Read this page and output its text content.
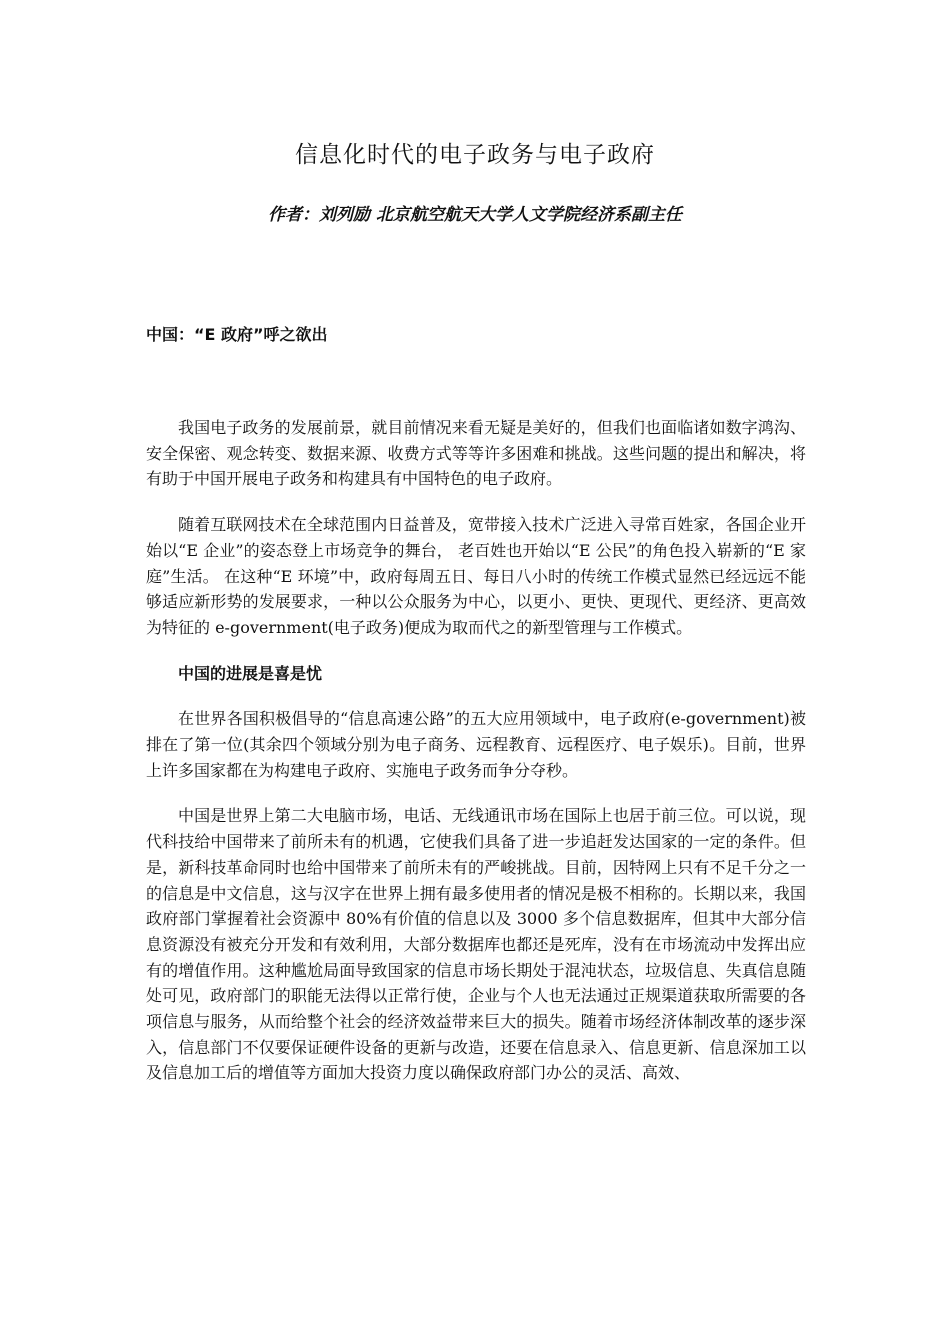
信息化时代的电子政务与电子政府
作者：刘列励 北京航空航天大学人文学院经济系副主任
中国：“E 政府”呼之欲出

我国电子政务的发展前景，就目前情况来看无疑是美好的，但我们也面临诸如数字鸿沟、安全保密、观念转变、数据来源、收费方式等等许多困难和挑战。这些问题的提出和解决，将有助于中国开展电子政务和构建具有中国特色的电子政府。

随着互联网技术在全球范围内日益普及，宽带接入技术广泛进入寻常百姓家，各国企业开始以“E 企业”的姿态登上市场竞争的舞台， 老百姓也开始以“E 公民”的角色投入崭新的“E 家庭”生活。 在这种“E 环境”中，政府每周五日、每日八小时的传统工作模式显然已经远远不能够适应新形势的发展要求，一种以公众服务为中心，以更小、更快、更现代、更经济、更高效为特征的 e-government(电子政务)便成为取而代之的新型管理与工作模式。

中国的进展是喜是忧

在世界各国积极倡导的“信息高速公路”的五大应用领域中，电子政府(e-government)被排在了第一位(其余四个领域分别为电子商务、远程教育、远程医疗、电子娱乐)。目前，世界上许多国家都在为构建电子政府、实施电子政务而争分夺秒。

中国是世界上第二大电脑市场，电话、无线通讯市场在国际上也居于前三位。可以说，现代科技给中国带来了前所未有的机遇，它使我们具备了进一步追赶发达国家的一定的条件。但是，新科技革命同时也给中国带来了前所未有的严峻挑战。目前，因特网上只有不足千分之一的信息是中文信息，这与汉字在世界上拥有最多使用者的情况是极不相称的。长期以来，我国政府部门掌握着社会资源中 80%有价值的信息以及 3000 多个信息数据库，但其中大部分信息资源没有被充分开发和有效利用，大部分数据库也都还是死库，没有在市场流动中发挥出应有的增值作用。这种尴尬局面导致国家的信息市场长期处于混沌状态，垃圾信息、失真信息随处可见，政府部门的职能无法得以正常行使，企业与个人也无法通过正规渠道获取所需要的各项信息与服务，从而给整个社会的经济效益带来巨大的损失。随着市场经济体制改革的逐步深入，信息部门不仅要保证硬件设备的更新与改造，还要在信息录入、信息更新、信息深加工以及信息加工后的增值等方面加大投资力度以确保政府部门办公的灵活、高效、
